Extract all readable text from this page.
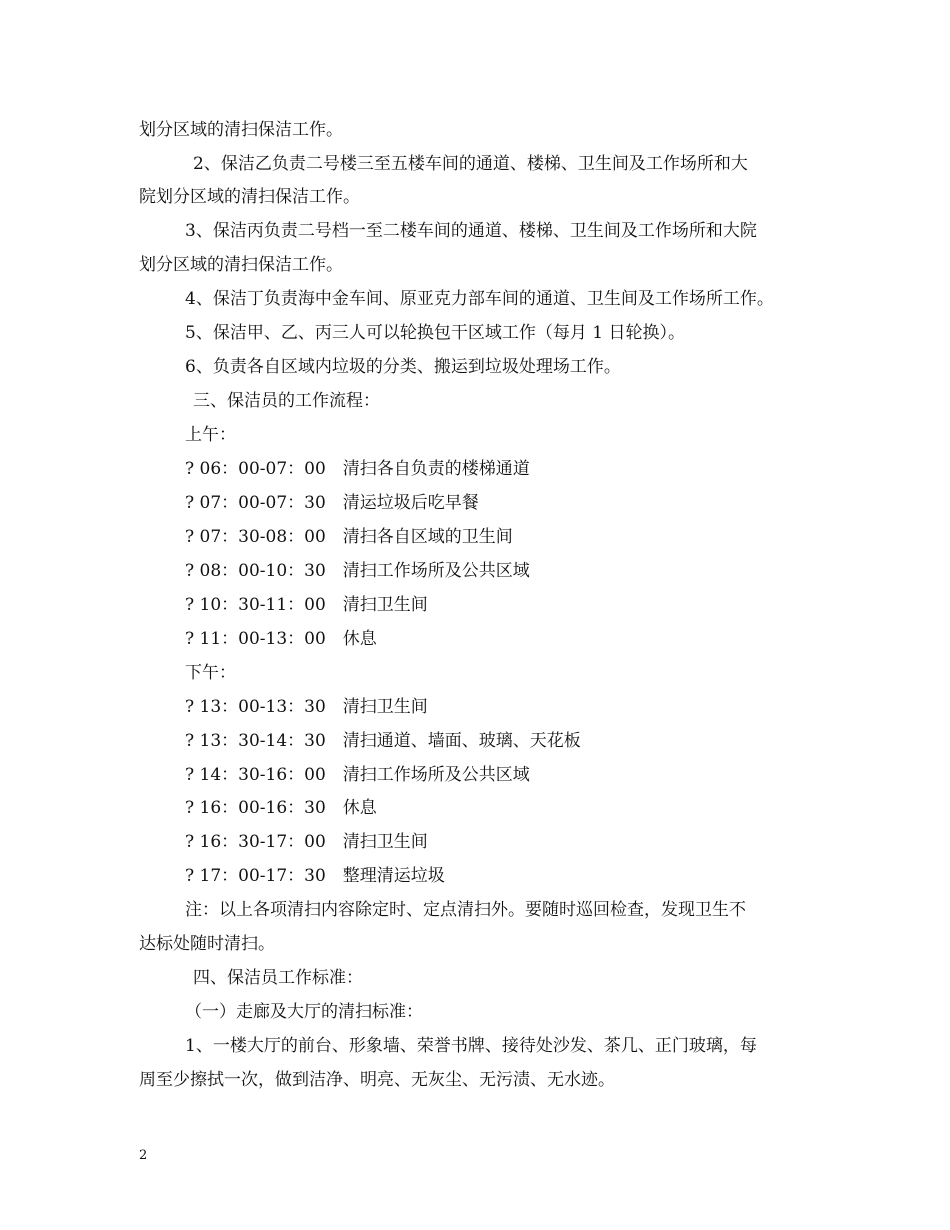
划分区域的清扫保洁工作。
2、保洁乙负责二号楼三至五楼车间的通道、楼梯、卫生间及工作场所和大
院划分区域的清扫保洁工作。
3、保洁丙负责二号档一至二楼车间的通道、楼梯、卫生间及工作场所和大院
划分区域的清扫保洁工作。
4、保洁丁负责海中金车间、原亚克力部车间的通道、卫生间及工作场所工作。
5、保洁甲、乙、丙三人可以轮换包干区域工作（每月 1 日轮换）。
6、负责各自区域内垃圾的分类、搬运到垃圾处理场工作。
三、保洁员的工作流程：
上午：
? 06：00-07：00　清扫各自负责的楼梯通道
? 07：00-07：30　清运垃圾后吃早餐
? 07：30-08：00　清扫各自区域的卫生间
? 08：00-10：30　清扫工作场所及公共区域
? 10：30-11：00　清扫卫生间
? 11：00-13：00　休息
下午：
? 13：00-13：30　清扫卫生间
? 13：30-14：30　清扫通道、墙面、玻璃、天花板
? 14：30-16：00　清扫工作场所及公共区域
? 16：00-16：30　休息
? 16：30-17：00　清扫卫生间
? 17：00-17：30　整理清运垃圾
注：以上各项清扫内容除定时、定点清扫外。要随时巡回检查，发现卫生不
达标处随时清扫。
四、保洁员工作标准：
（一）走廊及大厅的清扫标准：
1、一楼大厅的前台、形象墙、荣誉书牌、接待处沙发、茶几、正门玻璃，每
周至少擦拭一次，做到洁净、明亮、无灰尘、无污渍、无水迹。
2
